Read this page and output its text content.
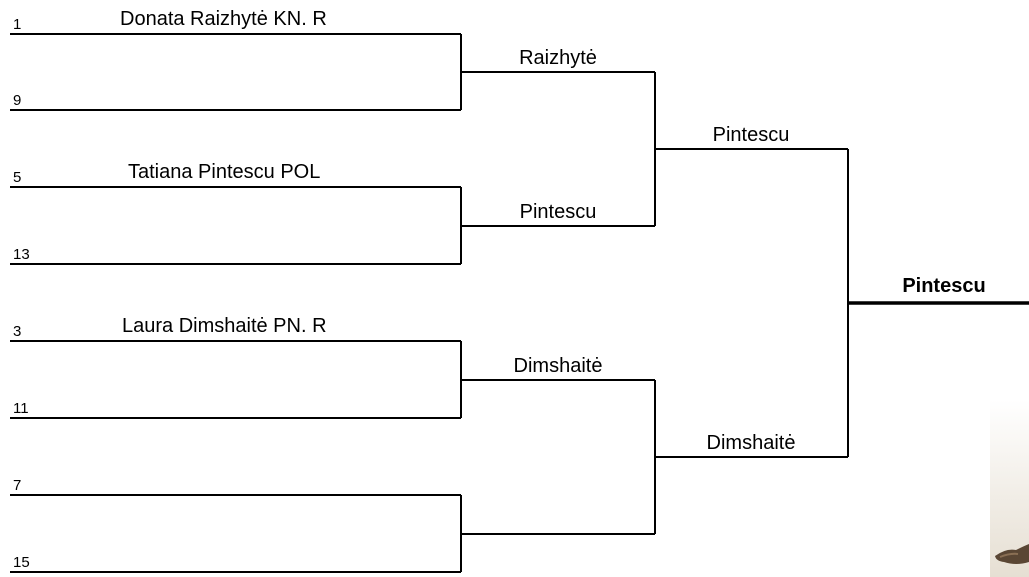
1	Donata Raizhytė KN. R
9
5	Tatiana Pintescu POL
13
3	Laura Dimshaitė PN. R
11
7
15
Raizhytė
Pintescu
Dimshaitė
Pintescu
Dimshaitė
Pintescu
